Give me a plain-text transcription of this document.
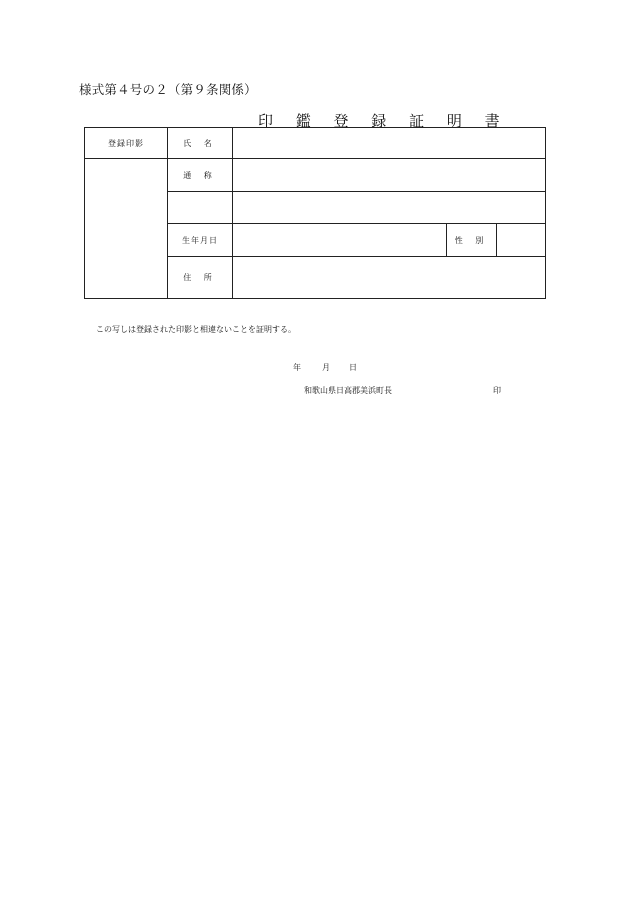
様式第４号の２（第９条関係）
印 鑑 登 録 証 明 書
登録印影	氏 名			
	通 称			

	生年月日		性 別	
	住 所			
この写しは登録された印影と相違ないことを証明する。
年	月 日
和歌山県日高郡美浜町長	印
